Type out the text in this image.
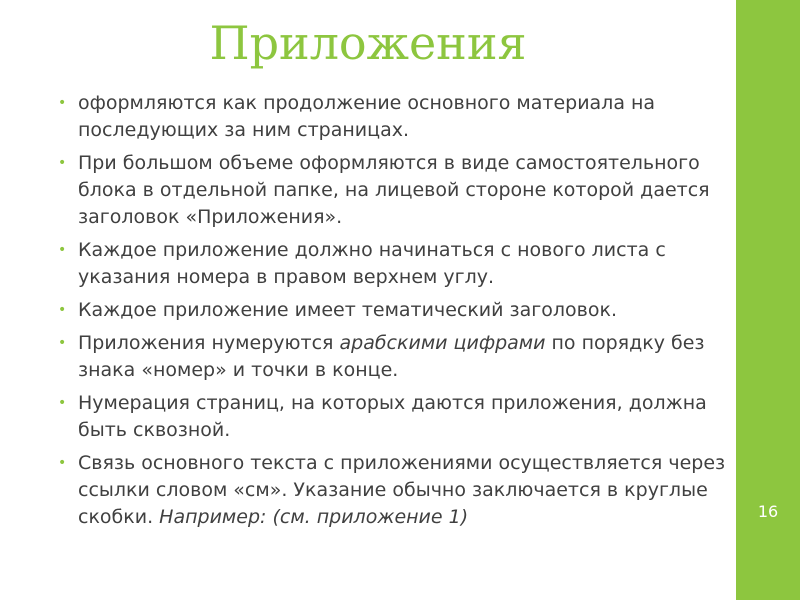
Приложения
• оформляются как продолжение основного материала на последующих за ним страницах.
• При большом объеме оформляются в виде самостоятельного блока в отдельной папке, на лицевой стороне которой дается заголовок «Приложения».
• Каждое приложение должно начинаться с нового листа с указания номера в правом верхнем углу.
• Каждое приложение имеет тематический заголовок.
• Приложения нумеруются арабскими цифрами по порядку без знака «номер» и точки в конце.
• Нумерация страниц, на которых даются приложения, должна быть сквозной.
• Связь основного текста с приложениями осуществляется через ссылки словом «см». Указание обычно заключается в круглые скобки. Например: (см. приложение 1)	16
